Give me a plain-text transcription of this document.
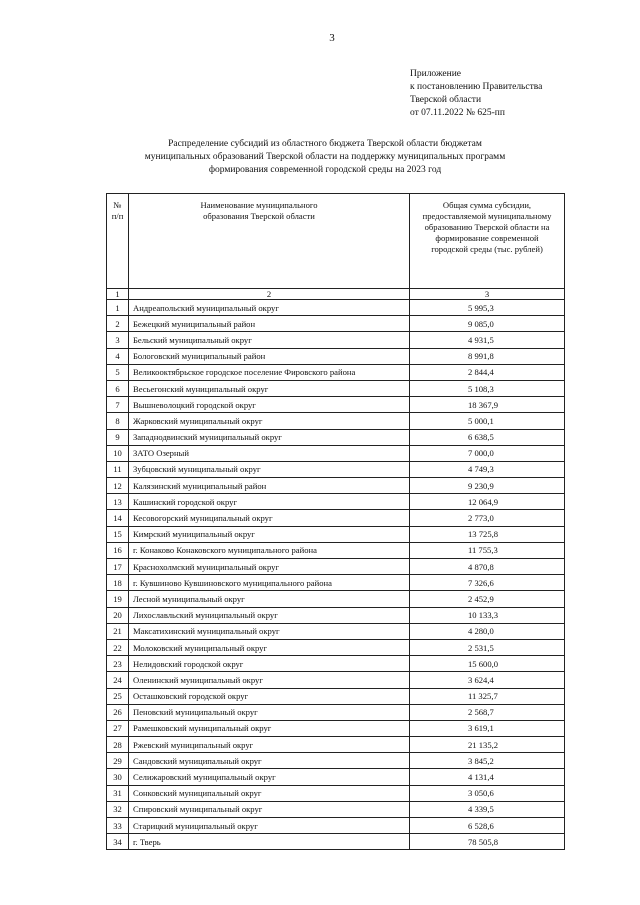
3
Приложение
к постановлению Правительства
Тверской области
от 07.11.2022 № 625-пп
Распределение субсидий из областного бюджета Тверской области бюджетам
муниципальных образований Тверской области на поддержку муниципальных программ
формирования современной городской среды на 2023 год
№ п/п	Наименование муниципального образования Тверской области	Общая сумма субсидии, предоставляемой муниципальному образованию Тверской области на формирование современной городской среды (тыс. рублей)
1	2	3
1	Андреапольский муниципальный округ	5 995,3
2	Бежецкий муниципальный район	9 085,0
3	Бельский муниципальный округ	4 931,5
4	Бологовский муниципальный район	8 991,8
5	Великооктябрьское городское поселение Фировского района	2 844,4
6	Весьегонский муниципальный округ	5 108,3
7	Вышневолоцкий городской округ	18 367,9
8	Жарковский муниципальный округ	5 000,1
9	Западнодвинский муниципальный округ	6 638,5
10	ЗАТО Озерный	7 000,0
11	Зубцовский муниципальный округ	4 749,3
12	Калязинский муниципальный район	9 230,9
13	Кашинский городской округ	12 064,9
14	Кесовогорский муниципальный округ	2 773,0
15	Кимрский муниципальный округ	13 725,8
16	г. Конаково Конаковского муниципального района	11 755,3
17	Краснохолмский муниципальный округ	4 870,8
18	г. Кувшиново Кувшиновского муниципального района	7 326,6
19	Лесной муниципальный округ	2 452,9
20	Лихославльский муниципальный округ	10 133,3
21	Максатихинский муниципальный округ	4 280,0
22	Молоковский муниципальный округ	2 531,5
23	Нелидовский городской округ	15 600,0
24	Оленинский муниципальный округ	3 624,4
25	Осташковский городской округ	11 325,7
26	Пеновский муниципальный округ	2 568,7
27	Рамешковский муниципальный округ	3 619,1
28	Ржевский муниципальный округ	21 135,2
29	Сандовский муниципальный округ	3 845,2
30	Селижаровский муниципальный округ	4 131,4
31	Сонковский муниципальный округ	3 050,6
32	Спировский муниципальный округ	4 339,5
33	Старицкий муниципальный округ	6 528,6
34	г. Тверь	78 505,8
